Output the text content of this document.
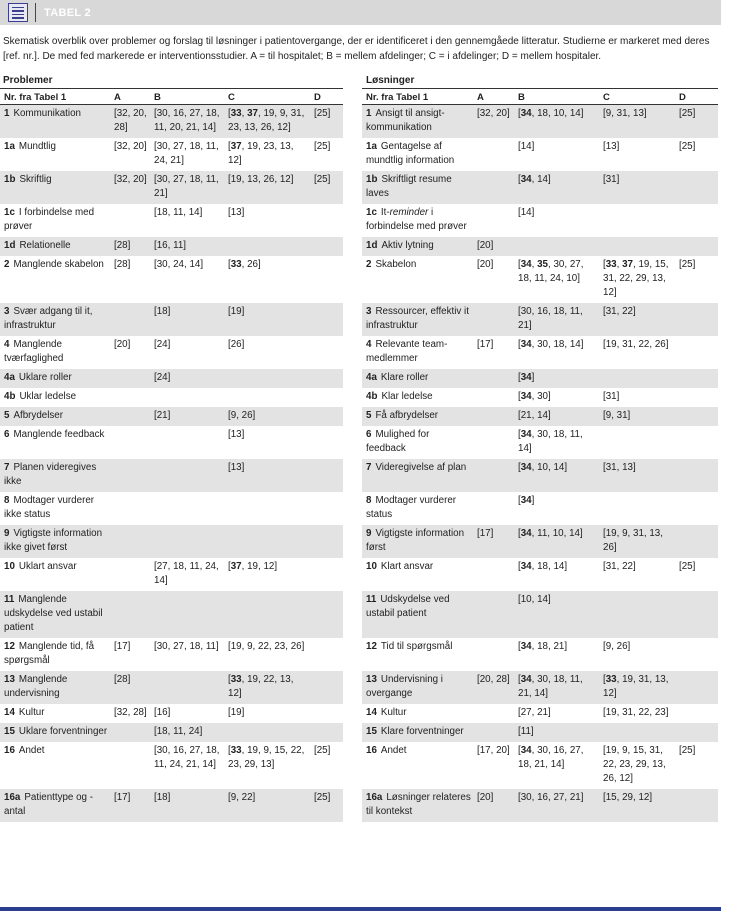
TABEL 2
Skematisk overblik over problemer og forslag til løsninger i patientovergange, der er identificeret i den gennemgåede litteratur. Studierne er markeret med deres [ref. nr.]. De med fed markerede er interventionsstudier. A = til hospitalet; B = mellem afdelinger; C = i afdelinger; D = mellem hospitaler.
Problemer
Nr. fra Tabel 1	A	B	C	D
1 Kommunikation	[32, 20, 28]	[30, 16, 27, 18, 11, 20, 21, 14]	[33, 37, 19, 9, 31, 23, 13, 26, 12]	[25]
1a Mundtlig	[32, 20]	[30, 27, 18, 11, 24, 21]	[37, 19, 23, 13, 12]	[25]
1b Skriftlig	[32, 20]	[30, 27, 18, 11, 21]	[19, 13, 26, 12]	[25]
1c I forbindelse med prøver		[18, 11, 14]	[13]	
1d Relationelle	[28]	[16, 11]		
2 Manglende skabelon	[28]	[30, 24, 14]	[33, 26]	
3 Svær adgang til it, infrastruktur		[18]	[19]	
4 Manglende tværfaglighed	[20]	[24]	[26]	
4a Uklare roller		[24]		
4b Uklar ledelse				
5 Afbrydelser		[21]	[9, 26]	
6 Manglende feedback			[13]	
7 Planen videregives ikke			[13]	
8 Modtager vurderer ikke status				
9 Vigtigste information ikke givet først				
10 Uklart ansvar		[27, 18, 11, 24, 14]	[37, 19, 12]	
11 Manglende udskydelse ved ustabil patient				
12 Manglende tid, få spørgsmål	[17]	[30, 27, 18, 11]	[19, 9, 22, 23, 26]	
13 Manglende undervisning	[28]		[33, 19, 22, 13, 12]	
14 Kultur	[32, 28]	[16]	[19]	
15 Uklare forventninger		[18, 11, 24]		
16 Andet		[30, 16, 27, 18, 11, 24, 21, 14]	[33, 19, 9, 15, 22, 23, 29, 13]	[25]
16a Patienttype og -antal	[17]	[18]	[9, 22]	[25]
Løsninger
Nr. fra Tabel 1	A	B	C	D
1 Ansigt til ansigt-kommunikation	[32, 20]	[34, 18, 10, 14]	[9, 31, 13]	[25]
1a Gentagelse af mundtlig information		[14]	[13]	[25]
1b Skriftligt resume laves		[34, 14]	[31]	
1c It-reminder i forbindelse med prøver		[14]		
1d Aktiv lytning	[20]			
2 Skabelon	[20]	[34, 35, 30, 27, 18, 11, 24, 10]	[33, 37, 19, 15, 31, 22, 29, 13, 12]	[25]
3 Ressourcer, effektiv it infrastruktur		[30, 16, 18, 11, 21]	[31, 22]	
4 Relevante team-medlemmer	[17]	[34, 30, 18, 14]	[19, 31, 22, 26]	
4a Klare roller		[34]		
4b Klar ledelse		[34, 30]	[31]	
5 Få afbrydelser		[21, 14]	[9, 31]	
6 Mulighed for feedback		[34, 30, 18, 11, 14]		
7 Videregivelse af plan		[34, 10, 14]	[31, 13]	
8 Modtager vurderer status		[34]		
9 Vigtigste information først	[17]	[34, 11, 10, 14]	[19, 9, 31, 13, 26]	
10 Klart ansvar		[34, 18, 14]	[31, 22]	[25]
11 Udskydelse ved ustabil patient		[10, 14]		
12 Tid til spørgsmål		[34, 18, 21]	[9, 26]	
13 Undervisning i overgange	[20, 28]	[34, 30, 18, 11, 21, 14]	[33, 19, 31, 13, 12]	
14 Kultur		[27, 21]	[19, 31, 22, 23]	
15 Klare forventninger		[11]		
16 Andet	[17, 20]	[34, 30, 16, 27, 18, 21, 14]	[19, 9, 15, 31, 22, 23, 29, 13, 26, 12]	[25]
16a Løsninger relateres til kontekst	[20]	[30, 16, 27, 21]	[15, 29, 12]	
